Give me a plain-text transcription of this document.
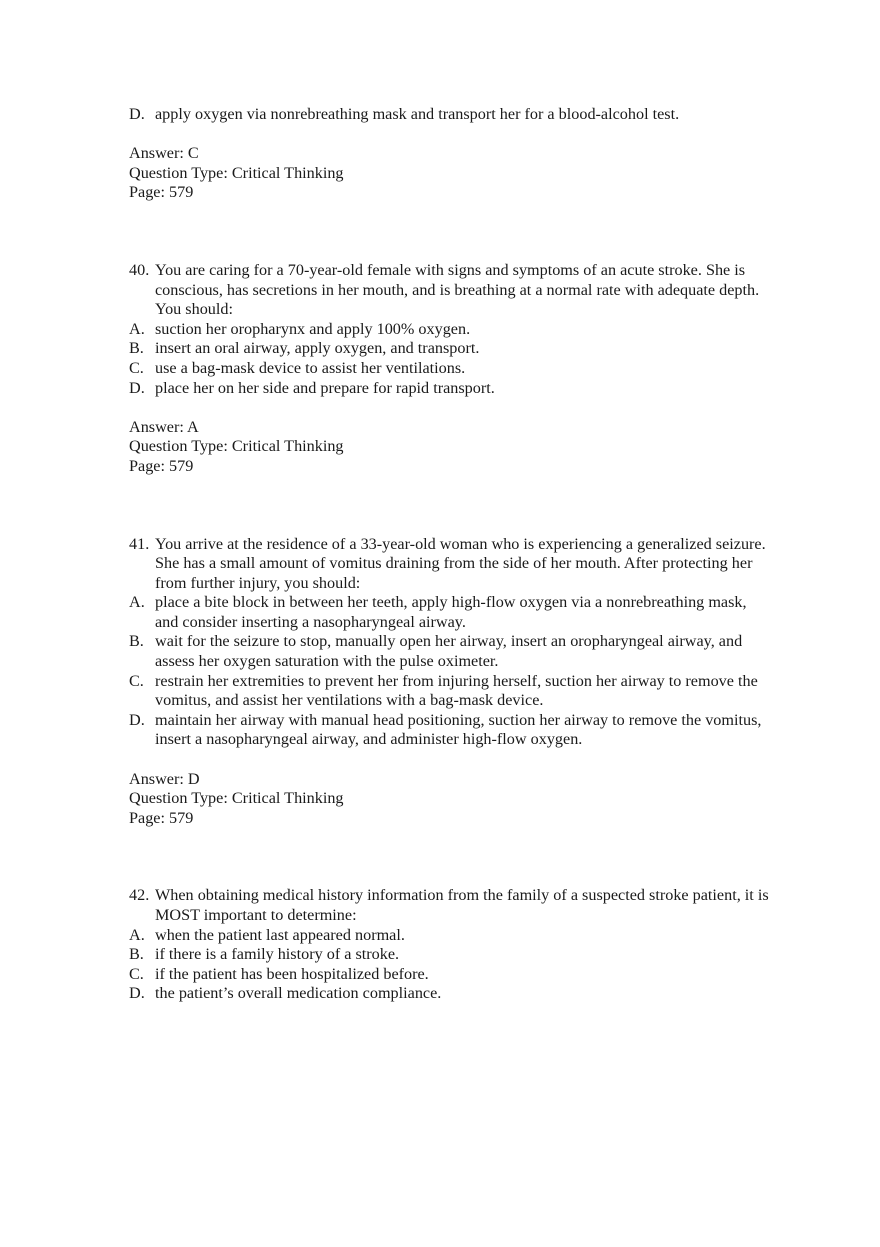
D. apply oxygen via nonrebreathing mask and transport her for a blood-alcohol test.

Answer: C

Question Type: Critical Thinking

Page: 579

40. You are caring for a 70-year-old female with signs and symptoms of an acute stroke. She is conscious, has secretions in her mouth, and is breathing at a normal rate with adequate depth. You should:
A. suction her oropharynx and apply 100% oxygen.
B. insert an oral airway, apply oxygen, and transport.
C. use a bag-mask device to assist her ventilations.
D. place her on her side and prepare for rapid transport.

Answer: A

Question Type: Critical Thinking

Page: 579

41. You arrive at the residence of a 33-year-old woman who is experiencing a generalized seizure. She has a small amount of vomitus draining from the side of her mouth. After protecting her from further injury, you should:
A. place a bite block in between her teeth, apply high-flow oxygen via a nonrebreathing mask, and consider inserting a nasopharyngeal airway.
B. wait for the seizure to stop, manually open her airway, insert an oropharyngeal airway, and assess her oxygen saturation with the pulse oximeter.
C. restrain her extremities to prevent her from injuring herself, suction her airway to remove the vomitus, and assist her ventilations with a bag-mask device.
D. maintain her airway with manual head positioning, suction her airway to remove the vomitus, insert a nasopharyngeal airway, and administer high-flow oxygen.

Answer: D

Question Type: Critical Thinking

Page: 579

42. When obtaining medical history information from the family of a suspected stroke patient, it is MOST important to determine:
A. when the patient last appeared normal.
B. if there is a family history of a stroke.
C. if the patient has been hospitalized before.
D. the patient’s overall medication compliance.
